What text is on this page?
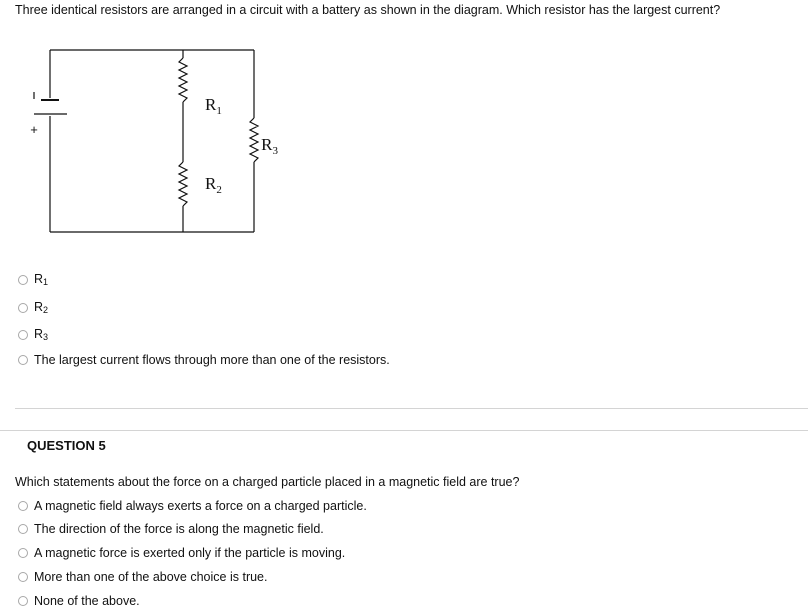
Three identical resistors are arranged in a circuit with a battery as shown in the diagram. Which resistor has the largest current?
+
$R_1$
$R_2$
$R_3$
$R_1$
$R_2$
$R_3$
The largest current flows through more than one of the resistors.
QUESTION 5
Which statements about the force on a charged particle placed in a magnetic field are true?
A magnetic field always exerts a force on a charged particle.
The direction of the force is along the magnetic field.
A magnetic force is exerted only if the particle is moving.
More than one of the above choice is true.
None of the above.
